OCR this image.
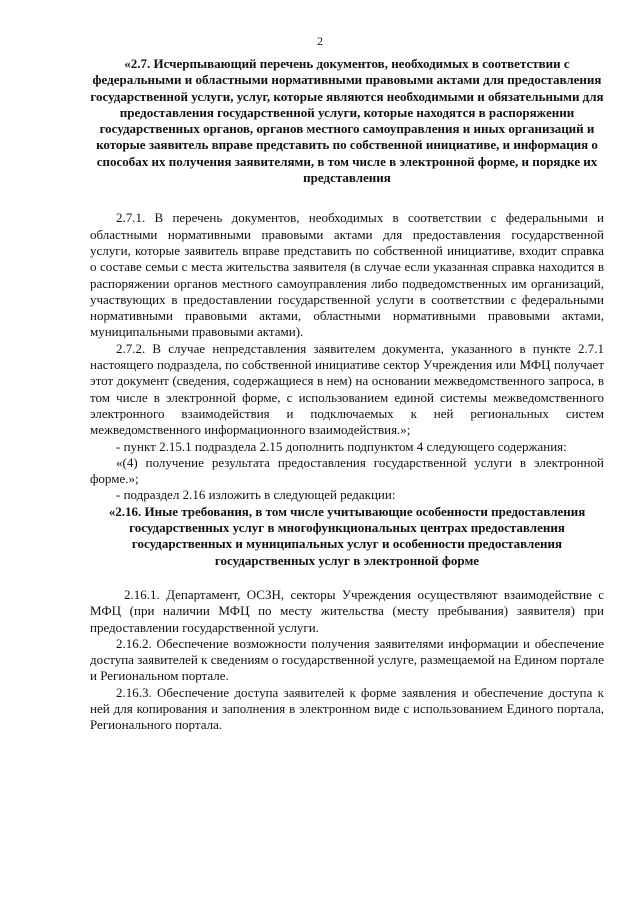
2

«2.7. Исчерпывающий перечень документов, необходимых в соответствии с федеральными и областными нормативными правовыми актами для предоставления государственной услуги, услуг, которые являются необходимыми и обязательными для предоставления государственной услуги, которые находятся в распоряжении государственных органов, органов местного самоуправления и иных организаций и которые заявитель вправе представить по собственной инициативе, и информация о способах их получения заявителями, в том числе в электронной форме, и порядке их представления

2.7.1. В перечень документов, необходимых в соответствии с федеральными и областными нормативными правовыми актами для предоставления государственной услуги, которые заявитель вправе представить по собственной инициативе, входит справка о составе семьи с места жительства заявителя (в случае если указанная справка находится в распоряжении органов местного самоуправления либо подведомственных им организаций, участвующих в предоставлении государственной услуги в соответствии с федеральными нормативными правовыми актами, областными нормативными правовыми актами, муниципальными правовыми актами).

2.7.2. В случае непредставления заявителем документа, указанного в пункте 2.7.1 настоящего подраздела, по собственной инициативе сектор Учреждения или МФЦ получает этот документ (сведения, содержащиеся в нем) на основании межведомственного запроса, в том числе в электронной форме, с использованием единой системы межведомственного электронного взаимодействия и подключаемых к ней региональных систем межведомственного информационного взаимодействия.»;

- пункт 2.15.1 подраздела 2.15 дополнить подпунктом 4 следующего содержания:

«(4) получение результата предоставления государственной услуги в электронной форме.»;

- подраздел 2.16 изложить в следующей редакции:

«2.16. Иные требования, в том числе учитывающие особенности предоставления государственных услуг в многофункциональных центрах предоставления государственных и муниципальных услуг и особенности предоставления государственных услуг в электронной форме

2.16.1. Департамент, ОСЗН, секторы Учреждения осуществляют взаимодействие с МФЦ (при наличии МФЦ по месту жительства (месту пребывания) заявителя) при предоставлении государственной услуги.

2.16.2. Обеспечение возможности получения заявителями информации и обеспечение доступа заявителей к сведениям о государственной услуге, размещаемой на Едином портале и Региональном портале.

2.16.3. Обеспечение доступа заявителей к форме заявления и обеспечение доступа к ней для копирования и заполнения в электронном виде с использованием Единого портала, Регионального портала.
